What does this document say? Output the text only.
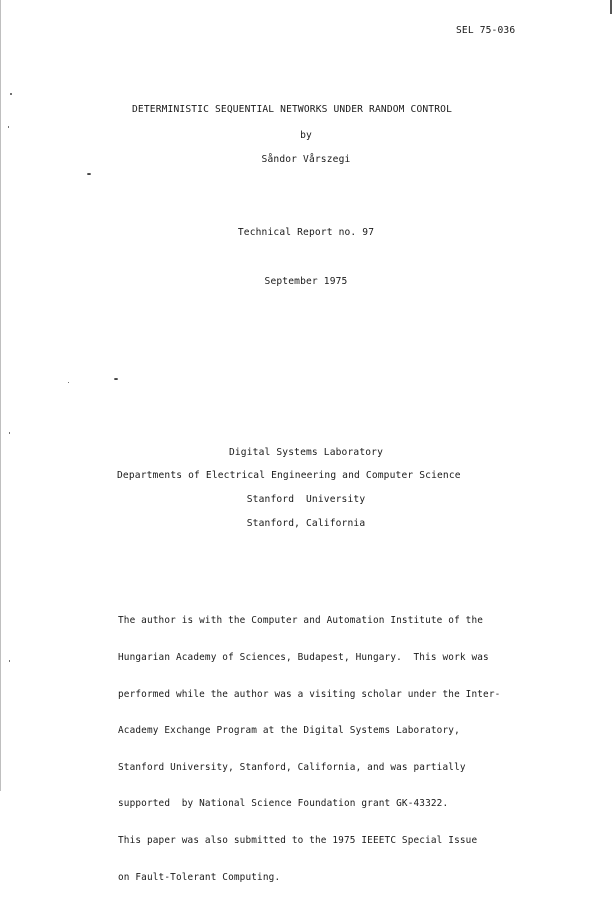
SEL 75-036

DETERMINISTIC SEQUENTIAL NETWORKS UNDER RANDOM CONTROL

by

Såndor Vårszegi

Technical Report no. 97

September 1975

Digital Systems Laboratory

Departments of Electrical Engineering and Computer Science

Stanford  University

Stanford, California

The author is with the Computer and Automation Institute of the

Hungarian Academy of Sciences, Budapest, Hungary.  This work was

performed while the author was a visiting scholar under the Inter-

Academy Exchange Program at the Digital Systems Laboratory,

Stanford University, Stanford, California, and was partially

supported  by National Science Foundation grant GK-43322.

This paper was also submitted to the 1975 IEEETC Special Issue

on Fault-Tolerant Computing.
